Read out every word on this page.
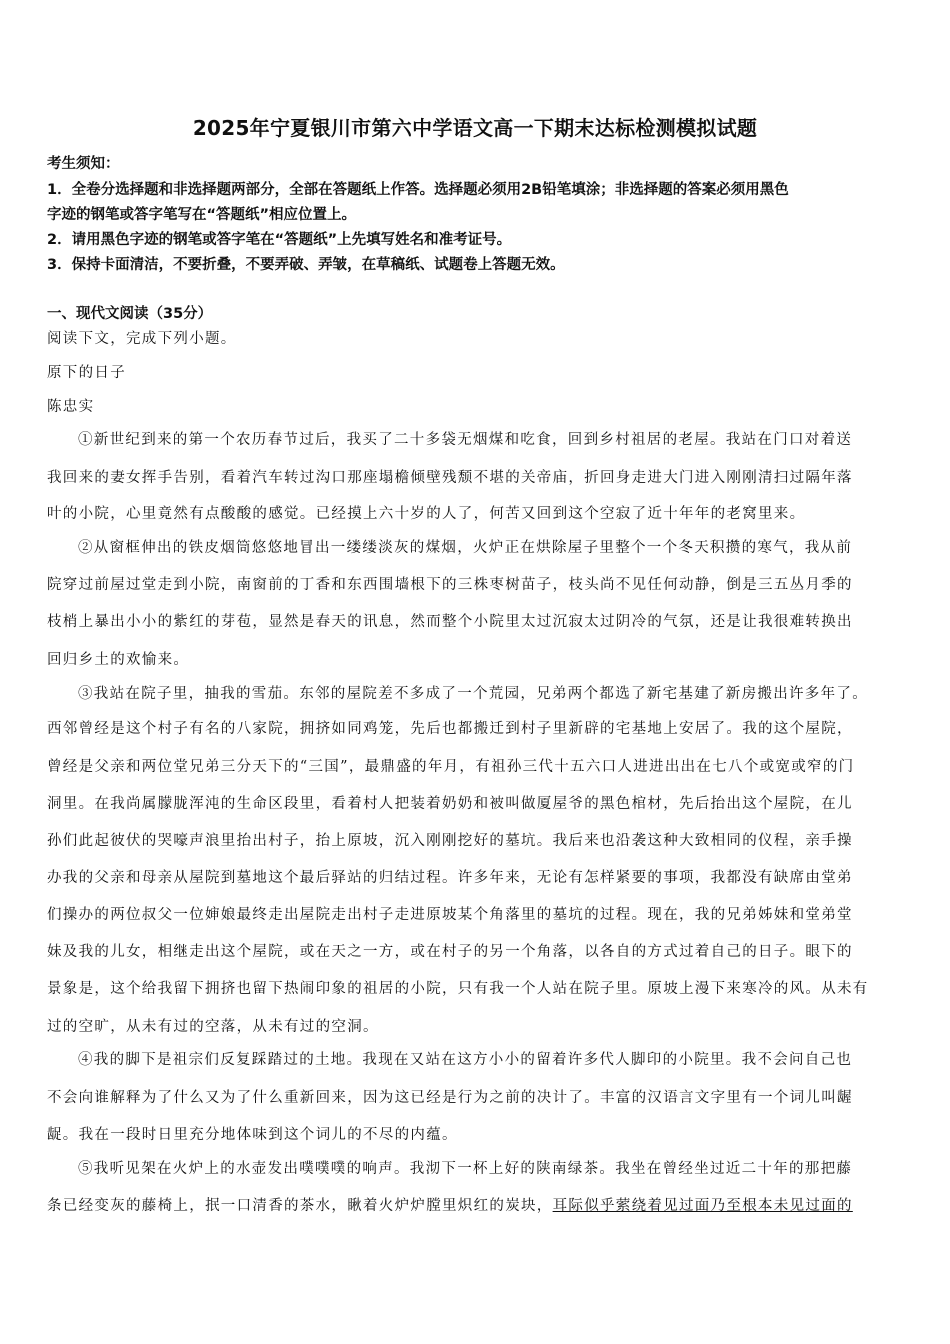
2025年宁夏银川市第六中学语文高一下期末达标检测模拟试题
考生须知：
1．全卷分选择题和非选择题两部分，全部在答题纸上作答。选择题必须用2B铅笔填涂；非选择题的答案必须用黑色
字迹的钢笔或答字笔写在“答题纸”相应位置上。
2．请用黑色字迹的钢笔或答字笔在“答题纸”上先填写姓名和准考证号。
3．保持卡面清洁，不要折叠，不要弄破、弄皱，在草稿纸、试题卷上答题无效。
一、现代文阅读（35分）
阅读下文，完成下列小题。
原下的日子
陈忠实
①新世纪到来的第一个农历春节过后，我买了二十多袋无烟煤和吃食，回到乡村祖居的老屋。我站在门口对着送
我回来的妻女挥手告别，看着汽车转过沟口那座塌檐倾壁残颓不堪的关帝庙，折回身走进大门进入刚刚清扫过隔年落
叶的小院，心里竟然有点酸酸的感觉。已经摸上六十岁的人了，何苦又回到这个空寂了近十年年的老窝里来。
②从窗框伸出的铁皮烟筒悠悠地冒出一缕缕淡灰的煤烟，火炉正在烘除屋子里整个一个冬天积攒的寒气，我从前
院穿过前屋过堂走到小院，南窗前的丁香和东西围墙根下的三株枣树苗子，枝头尚不见任何动静，倒是三五丛月季的
枝梢上暴出小小的紫红的芽苞，显然是春天的讯息，然而整个小院里太过沉寂太过阴冷的气氛，还是让我很难转换出
回归乡土的欢愉来。
③我站在院子里，抽我的雪茄。东邻的屋院差不多成了一个荒园，兄弟两个都选了新宅基建了新房搬出许多年了。
西邻曾经是这个村子有名的八家院，拥挤如同鸡笼，先后也都搬迁到村子里新辟的宅基地上安居了。我的这个屋院，
曾经是父亲和两位堂兄弟三分天下的“三国”，最鼎盛的年月，有祖孙三代十五六口人进进出出在七八个或宽或窄的门
洞里。在我尚属朦胧浑沌的生命区段里，看着村人把装着奶奶和被叫做厦屋爷的黑色棺材，先后抬出这个屋院，在儿
孙们此起彼伏的哭嚎声浪里抬出村子，抬上原坡，沉入刚刚挖好的墓坑。我后来也沿袭这种大致相同的仪程，亲手操
办我的父亲和母亲从屋院到墓地这个最后驿站的归结过程。许多年来，无论有怎样紧要的事项，我都没有缺席由堂弟
们操办的两位叔父一位婶娘最终走出屋院走出村子走进原坡某个角落里的墓坑的过程。现在，我的兄弟姊妹和堂弟堂
妹及我的儿女，相继走出这个屋院，或在天之一方，或在村子的另一个角落，以各自的方式过着自己的日子。眼下的
景象是，这个给我留下拥挤也留下热闹印象的祖居的小院，只有我一个人站在院子里。原坡上漫下来寒冷的风。从未有
过的空旷，从未有过的空落，从未有过的空洞。
④我的脚下是祖宗们反复踩踏过的土地。我现在又站在这方小小的留着许多代人脚印的小院里。我不会问自己也
不会向谁解释为了什么又为了什么重新回来，因为这已经是行为之前的决计了。丰富的汉语言文字里有一个词儿叫龌
龊。我在一段时日里充分地体味到这个词儿的不尽的内蕴。
⑤我听见架在火炉上的水壶发出噗噗噗的响声。我沏下一杯上好的陕南绿茶。我坐在曾经坐过近二十年的那把藤
条已经变灰的藤椅上，抿一口清香的茶水，瞅着火炉炉膛里炽红的炭块，耳际似乎萦绕着见过面乃至根本未见过面的
